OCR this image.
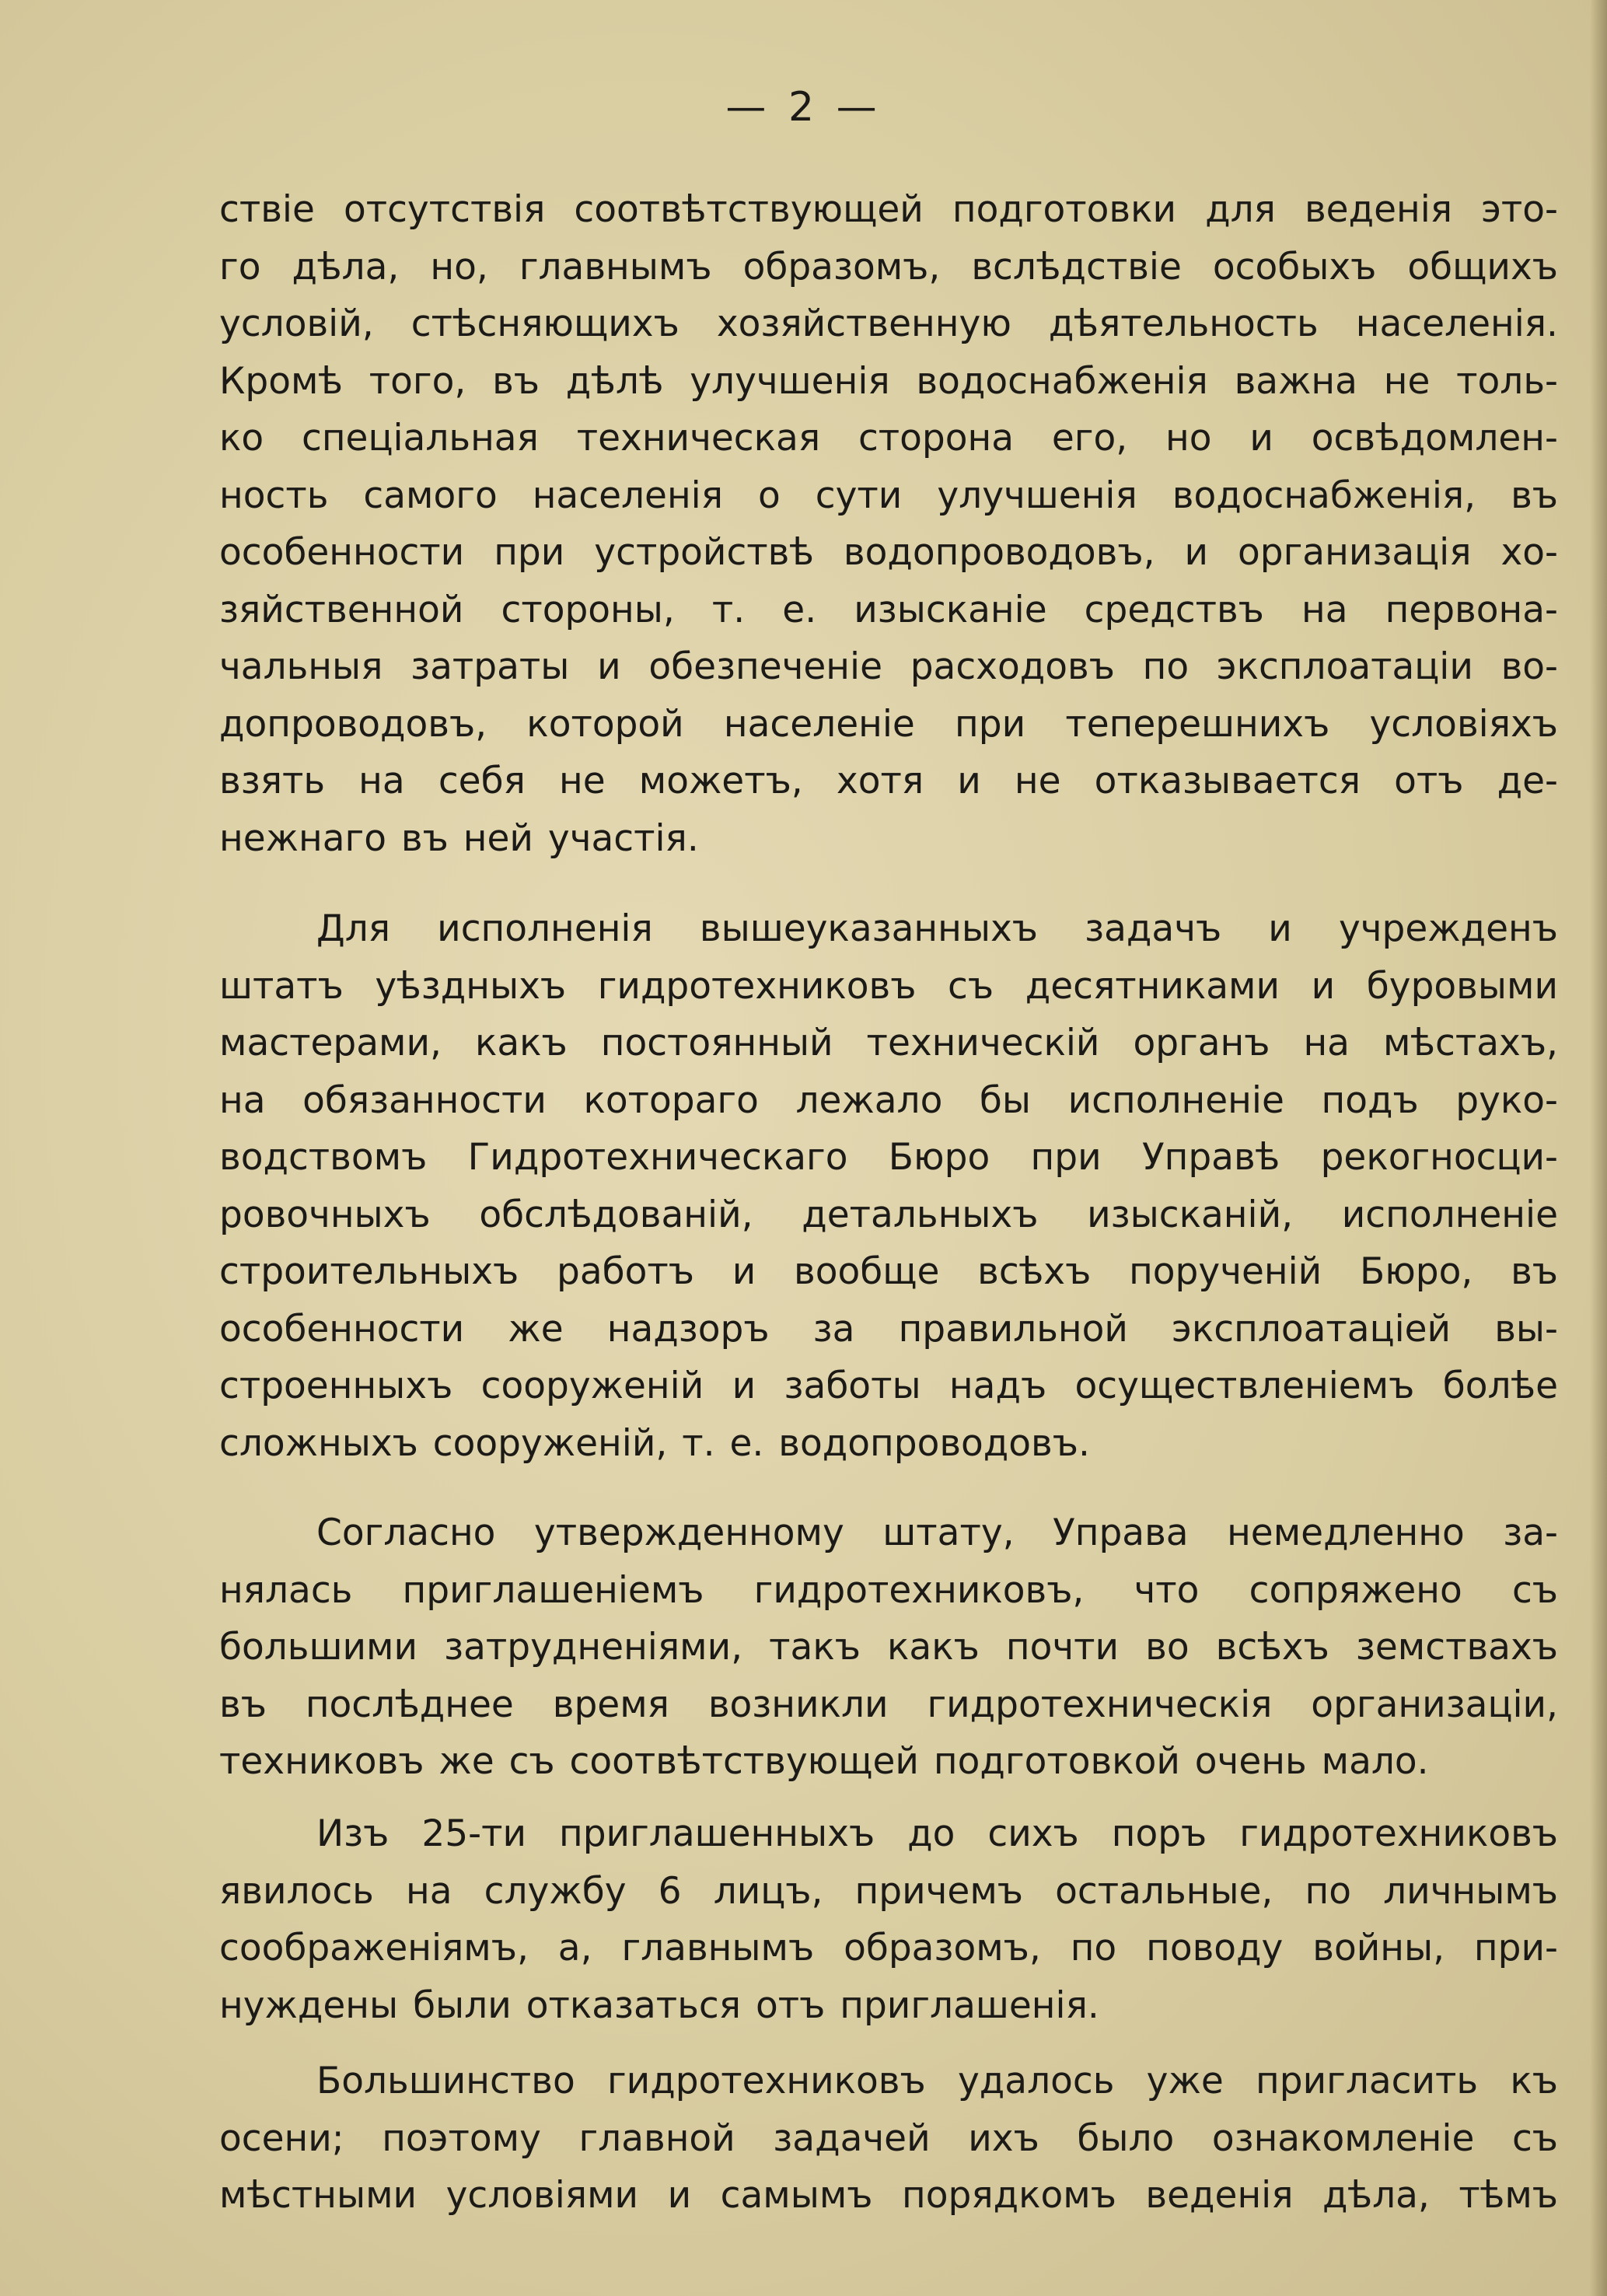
— 2 —
ствіе отсутствія соотвѣтствующей подготовки для веденія это-
го дѣла, но, главнымъ образомъ, вслѣдствіе особыхъ общихъ
условій, стѣсняющихъ хозяйственную дѣятельность населенія.
Кромѣ того, въ дѣлѣ улучшенія водоснабженія важна не толь-
ко спеціальная техническая сторона его, но и освѣдомлен-
ность самого населенія о сути улучшенія водоснабженія, въ
особенности при устройствѣ водопроводовъ, и организація хо-
зяйственной стороны, т. е. изысканіе средствъ на первона-
чальныя затраты и обезпеченіе расходовъ по эксплоатаціи во-
допроводовъ, которой населеніе при теперешнихъ условіяхъ
взять на себя не можетъ, хотя и не отказывается отъ де-
нежнаго въ ней участія.
Для исполненія вышеуказанныхъ задачъ и учрежденъ
штатъ уѣздныхъ гидротехниковъ съ десятниками и буровыми
мастерами, какъ постоянный техническій органъ на мѣстахъ,
на обязанности котораго лежало бы исполненіе подъ руко-
водствомъ Гидротехническаго Бюро при Управѣ рекогносци-
ровочныхъ обслѣдованій, детальныхъ изысканій, исполненіе
строительныхъ работъ и вообще всѣхъ порученій Бюро, въ
особенности же надзоръ за правильной эксплоатаціей вы-
строенныхъ сооруженій и заботы надъ осуществленіемъ болѣе
сложныхъ сооруженій, т. е. водопроводовъ.
Согласно утвержденному штату, Управа немедленно за-
нялась приглашеніемъ гидротехниковъ, что сопряжено съ
большими затрудненіями, такъ какъ почти во всѣхъ земствахъ
въ послѣднее время возникли гидротехническія организаціи,
техниковъ же съ соотвѣтствующей подготовкой очень мало.
Изъ 25-ти приглашенныхъ до сихъ поръ гидротехниковъ
явилось на службу 6 лицъ, причемъ остальные, по личнымъ
соображеніямъ, а, главнымъ образомъ, по поводу войны, при-
нуждены были отказаться отъ приглашенія.
Большинство гидротехниковъ удалось уже пригласить къ
осени; поэтому главной задачей ихъ было ознакомленіе съ
мѣстными условіями и самымъ порядкомъ веденія дѣла, тѣмъ
